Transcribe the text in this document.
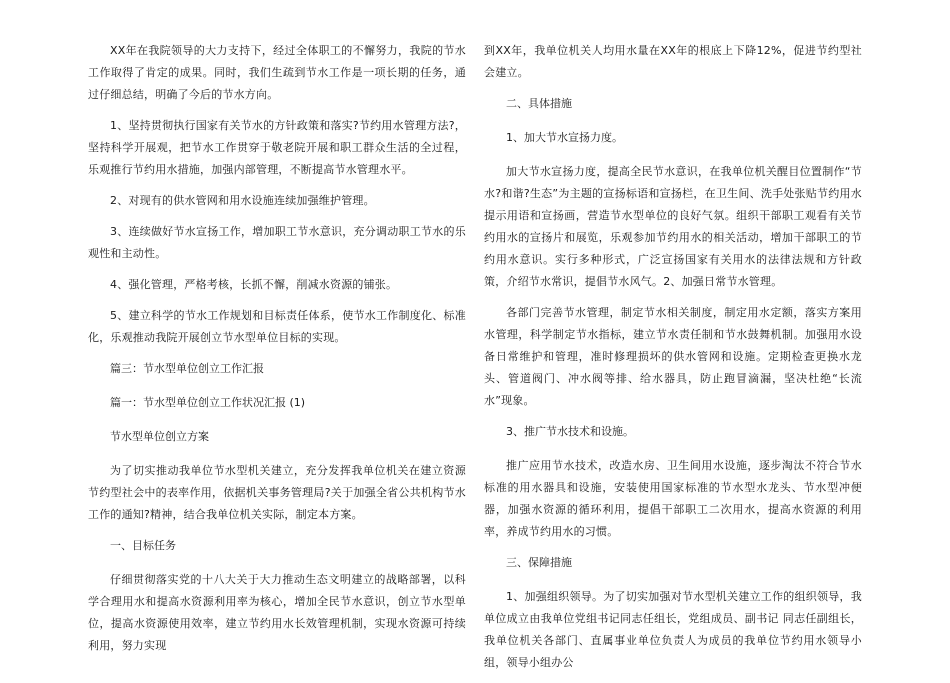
XX年在我院领导的大力支持下，经过全体职工的不懈努力，我院的节水工作取得了肯定的成果。同时，我们生疏到节水工作是一项长期的任务，通过仔细总结，明确了今后的节水方向。

1、坚持贯彻执行国家有关节水的方针政策和落实?节约用水管理方法?，坚持科学开展观，把节水工作贯穿于敬老院开展和职工群众生活的全过程，乐观推行节约用水措施，加强内部管理，不断提高节水管理水平。

2、对现有的供水管网和用水设施连续加强维护管理。

3、连续做好节水宣扬工作，增加职工节水意识，充分调动职工节水的乐观性和主动性。

4、强化管理，严格考核，长抓不懈，削减水资源的铺张。

5、建立科学的节水工作规划和目标责任体系，使节水工作制度化、标准化，乐观推动我院开展创立节水型单位目标的实现。

篇三：节水型单位创立工作汇报

篇一：节水型单位创立工作状况汇报 (1)

节水型单位创立方案

为了切实推动我单位节水型机关建立，充分发挥我单位机关在建立资源节约型社会中的表率作用，依据机关事务管理局?关于加强全省公共机构节水工作的通知?精神，结合我单位机关实际，制定本方案。

一、目标任务

仔细贯彻落实党的十八大关于大力推动生态文明建立的战略部署，以科学合理用水和提高水资源利用率为核心，增加全民节水意识，创立节水型单位，提高水资源使用效率，建立节约用水长效管理机制，实现水资源可持续利用，努力实现

到XX年，我单位机关人均用水量在XX年的根底上下降12%，促进节约型社会建立。

二、具体措施

1、加大节水宣扬力度。

加大节水宣扬力度，提高全民节水意识，在我单位机关醒目位置制作“节水?和谐?生态”为主题的宣扬标语和宣扬栏，在卫生间、洗手处张贴节约用水提示用语和宣扬画，营造节水型单位的良好气氛。组织干部职工观看有关节约用水的宣扬片和展览，乐观参加节约用水的相关活动，增加干部职工的节约用水意识。实行多种形式，广泛宣扬国家有关用水的法律法规和方针政策，介绍节水常识，提倡节水风气。2、加强日常节水管理。

各部门完善节水管理，制定节水相关制度，制定用水定额，落实方案用水管理，科学制定节水指标，建立节水责任制和节水鼓舞机制。加强用水设备日常维护和管理，准时修理损坏的供水管网和设施。定期检查更换水龙头、管道阀门、冲水阀等排、给水器具，防止跑冒滴漏，坚决杜绝“长流水”现象。

3、推广节水技术和设施。

推广应用节水技术，改造水房、卫生间用水设施，逐步淘汰不符合节水标准的用水器具和设施，安装使用国家标准的节水型水龙头、节水型冲便器，加强水资源的循环利用，提倡干部职工二次用水，提高水资源的利用率，养成节约用水的习惯。

三、保障措施

1、加强组织领导。为了切实加强对节水型机关建立工作的组织领导，我单位成立由我单位党组书记同志任组长，党组成员、副书记 同志任副组长，我单位机关各部门、直属事业单位负责人为成员的我单位节约用水领导小组，领导小组办公
